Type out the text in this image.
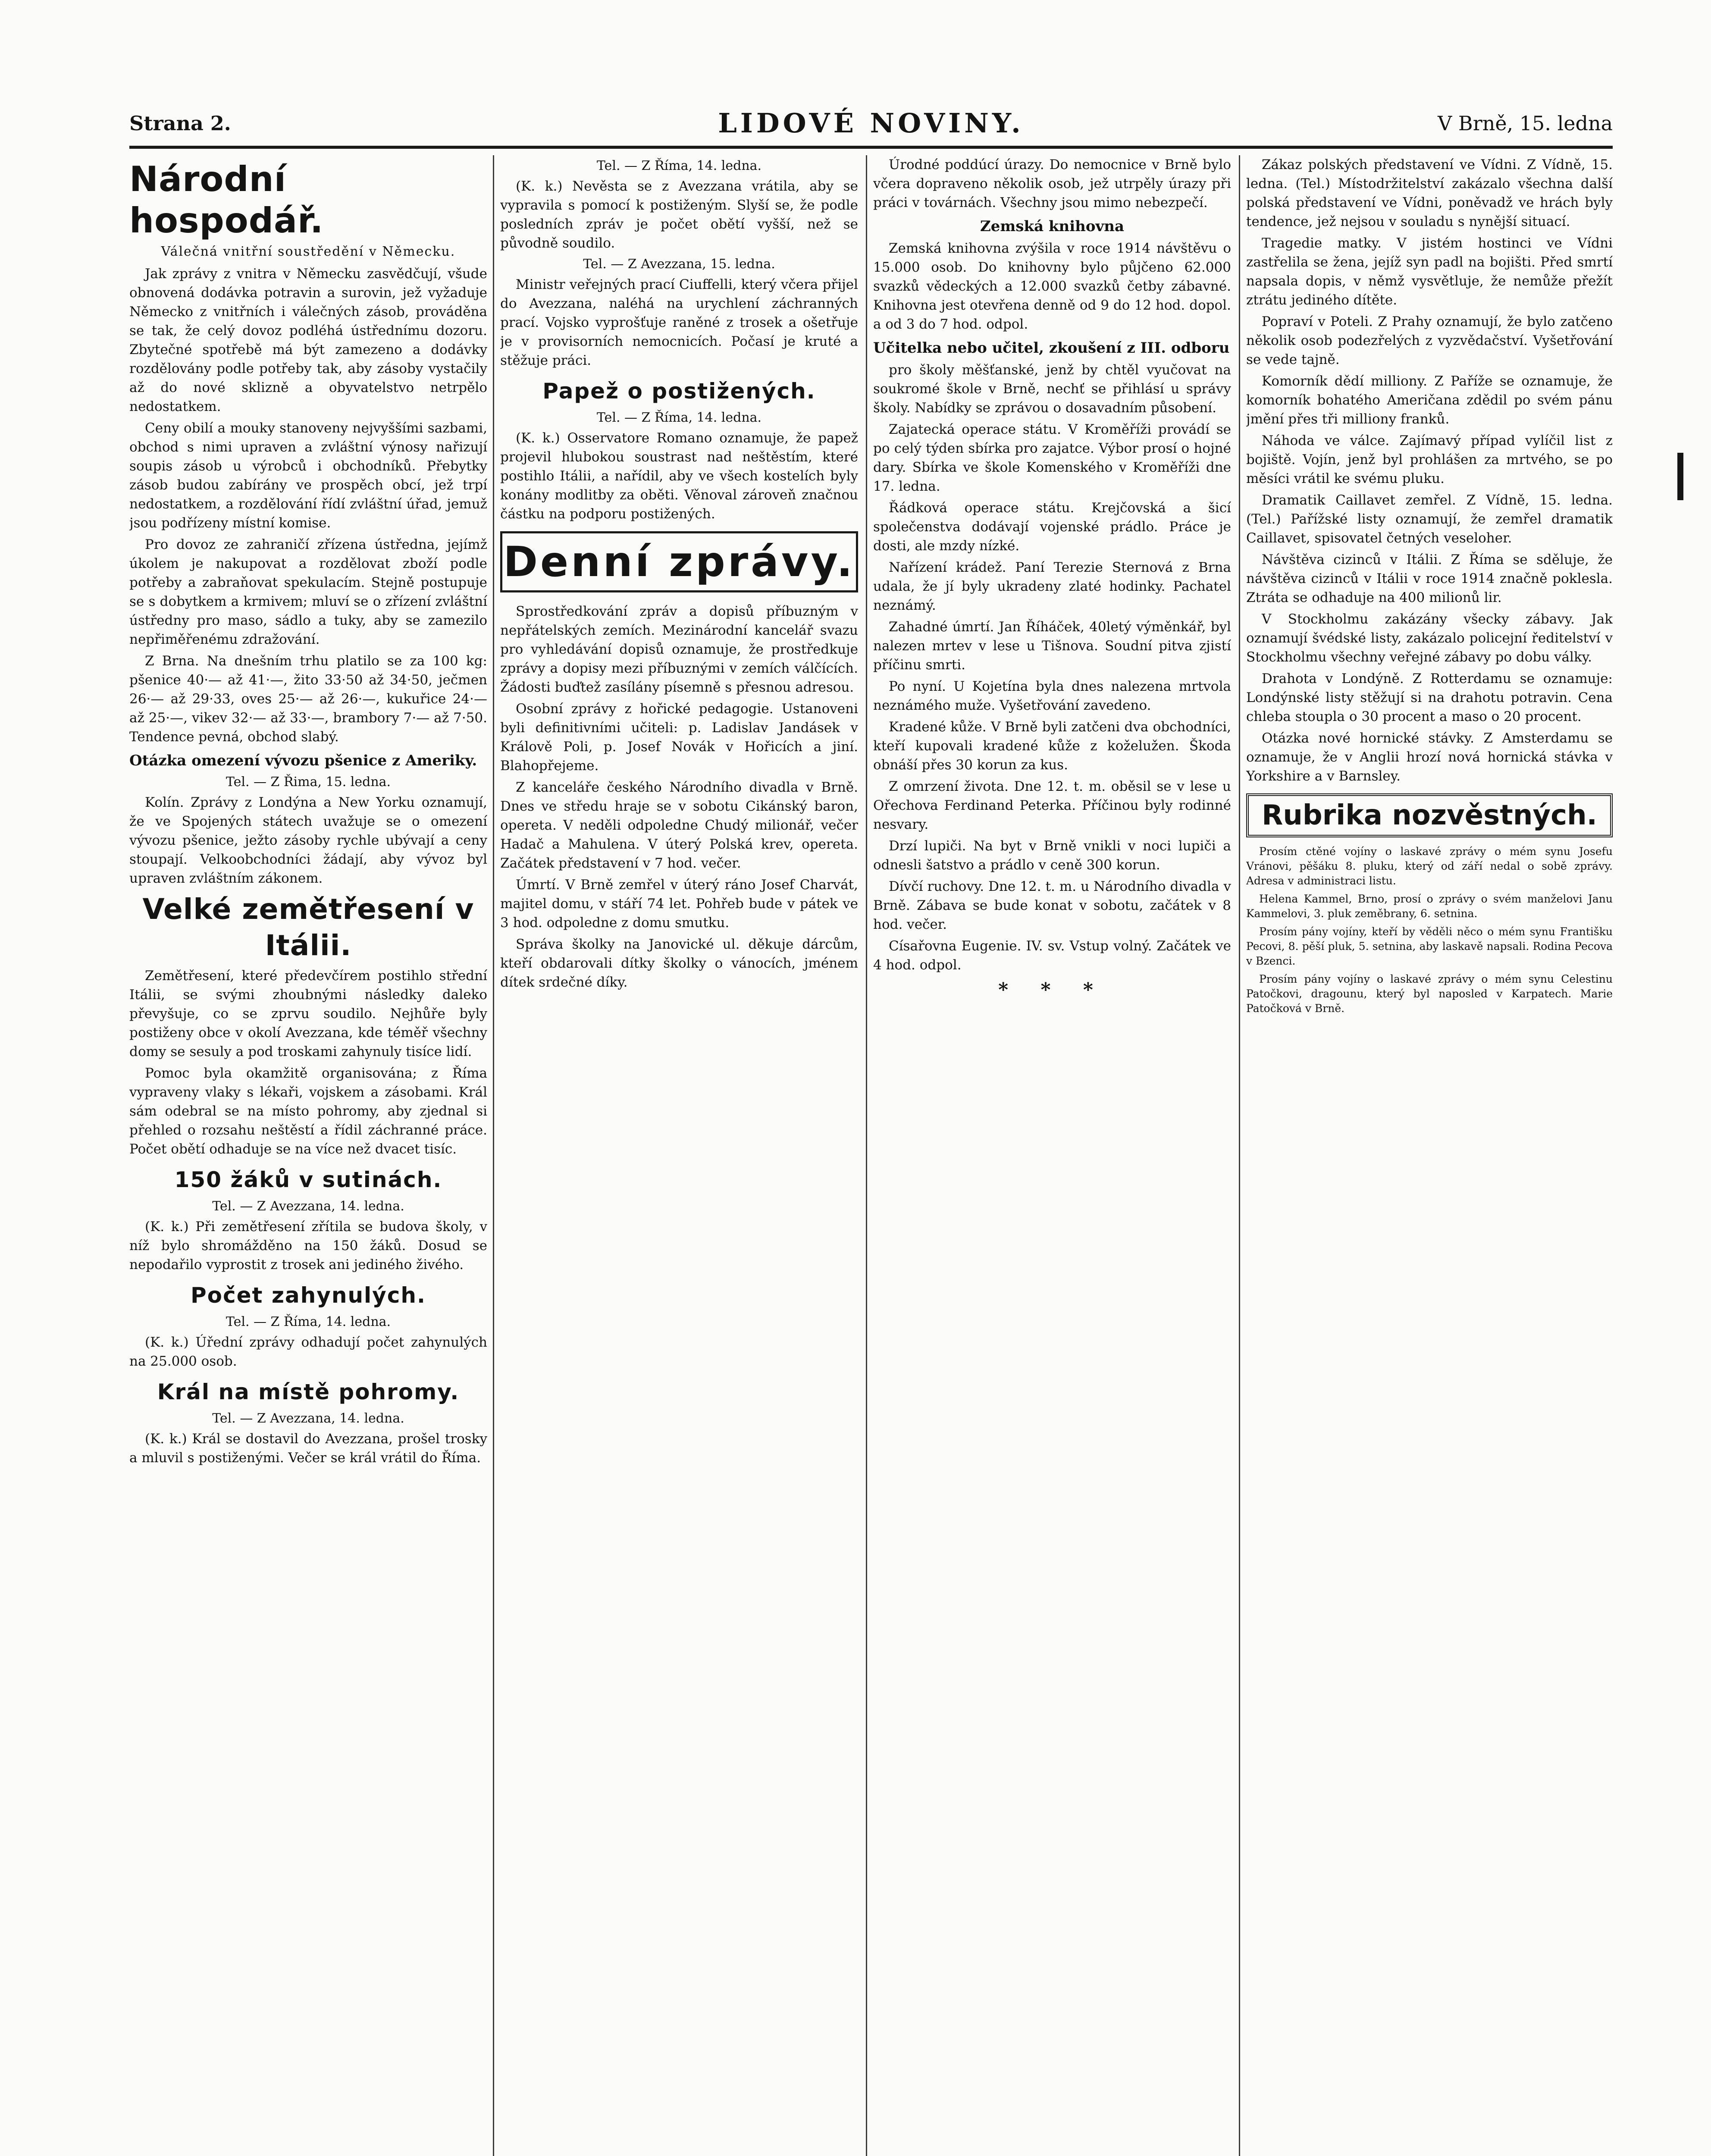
Strana 2.	LIDOVÉ NOVINY.	V Brně, 15. ledna
Národní hospodář.
Válečná vnitřní soustředění v Německu.

Jak zprávy z vnitra v Německu zasvědčují, všude obnovená dodávka potravin a surovin, jež vyžaduje Německo z vnitřních i válečných zásob, prováděna se tak, že celý dovoz podléhá ústřednímu dozoru. Zbytečné spotřebě má být zamezeno a dodávky rozdělovány podle potřeby tak, aby zásoby vystačily až do nové sklizně a obyvatelstvo netrpělo nedostatkem.

Ceny obilí a mouky stanoveny nejvyššími sazbami, obchod s nimi upraven a zvláštní výnosy nařizují soupis zásob u výrobců i obchodníků. Přebytky zásob budou zabírány ve prospěch obcí, jež trpí nedostatkem, a rozdělování řídí zvláštní úřad, jemuž jsou podřízeny místní komise.

Pro dovoz ze zahraničí zřízena ústředna, jejímž úkolem je nakupovat a rozdělovat zboží podle potřeby a zabraňovat spekulacím. Stejně postupuje se s dobytkem a krmivem; mluví se o zřízení zvláštní ústředny pro maso, sádlo a tuky, aby se zamezilo nepřiměřenému zdražování.

Z Brna. Na dnešním trhu platilo se za 100 kg: pšenice 40·— až 41·—, žito 33·50 až 34·50, ječmen 26·— až 29·33, oves 25·— až 26·—, kukuřice 24·— až 25·—, vikev 32·— až 33·—, brambory 7·— až 7·50. Tendence pevná, obchod slabý.

Otázka omezení vývozu pšenice z Ameriky.
Tel. — Z Řima, 15. ledna.

Kolín. Zprávy z Londýna a New Yorku oznamují, že ve Spojených státech uvažuje se o omezení vývozu pšenice, ježto zásoby rychle ubývají a ceny stoupají. Velkoobchodníci žádají, aby vývoz byl upraven zvláštním zákonem.

Velké zemětřesení v Itálii.

Zemětřesení, které předevčírem postihlo střední Itálii, se svými zhoubnými následky daleko převyšuje, co se zprvu soudilo. Nejhůře byly postiženy obce v okolí Avezzana, kde téměř všechny domy se sesuly a pod troskami zahynuly tisíce lidí.

Pomoc byla okamžitě organisována; z Říma vypraveny vlaky s lékaři, vojskem a zásobami. Král sám odebral se na místo pohromy, aby zjednal si přehled o rozsahu neštěstí a řídil záchranné práce. Počet obětí odhaduje se na více než dvacet tisíc.

150 žáků v sutinách.
Tel. — Z Avezzana, 14. ledna.

(K. k.) Při zemětřesení zřítila se budova školy, v níž bylo shromážděno na 150 žáků. Dosud se nepodařilo vyprostit z trosek ani jediného živého.

Počet zahynulých.
Tel. — Z Říma, 14. ledna.

(K. k.) Úřední zprávy odhadují počet zahynulých na 25.000 osob.

Král na místě pohromy.
Tel. — Z Avezzana, 14. ledna.

(K. k.) Král se dostavil do Avezzana, prošel trosky a mluvil s postiženými. Večer se král vrátil do Říma.

Tel. — Z Říma, 14. ledna.

(K. k.) Nevěsta se z Avezzana vrátila, aby se vypravila s pomocí k postiženým. Slyší se, že podle posledních zpráv je počet obětí vyšší, než se původně soudilo.

Tel. — Z Avezzana, 15. ledna.

Ministr veřejných prací Ciuffelli, který včera přijel do Avezzana, naléhá na urychlení záchranných prací. Vojsko vyprošťuje raněné z trosek a ošetřuje je v provisorních nemocnicích. Počasí je kruté a stěžuje práci.

Papež o postižených.
Tel. — Z Říma, 14. ledna.

(K. k.) Osservatore Romano oznamuje, že papež projevil hlubokou soustrast nad neštěstím, které postihlo Itálii, a nařídil, aby ve všech kostelích byly konány modlitby za oběti. Věnoval zároveň značnou částku na podporu postižených.

Denní zprávy.

Sprostředkování zpráv a dopisů příbuzným v nepřátelských zemích. Mezinárodní kancelář svazu pro vyhledávání dopisů oznamuje, že prostředkuje zprávy a dopisy mezi příbuznými v zemích válčících. Žádosti buďtež zasílány písemně s přesnou adresou.

Osobní zprávy z hořické pedagogie. Ustanoveni byli definitivními učiteli: p. Ladislav Jandásek v Králově Poli, p. Josef Novák v Hořicích a jiní. Blahopřejeme.

Z kanceláře českého Národního divadla v Brně. Dnes ve středu hraje se v sobotu Cikánský baron, opereta. V neděli odpoledne Chudý milionář, večer Hadač a Mahulena. V úterý Polská krev, opereta. Začátek představení v 7 hod. večer.

Úmrtí. V Brně zemřel v úterý ráno Josef Charvát, majitel domu, v stáří 74 let. Pohřeb bude v pátek ve 3 hod. odpoledne z domu smutku.

Správa školky na Janovické ul. děkuje dárcům, kteří obdarovali dítky školky o vánocích, jménem dítek srdečné díky.

Úrodné poddúcí úrazy. Do nemocnice v Brně bylo včera dopraveno několik osob, jež utrpěly úrazy při práci v továrnách. Všechny jsou mimo nebezpečí.

Zemská knihovna

Zemská knihovna zvýšila v roce 1914 návštěvu o 15.000 osob. Do knihovny bylo půjčeno 62.000 svazků vědeckých a 12.000 svazků četby zábavné. Knihovna jest otevřena denně od 9 do 12 hod. dopol. a od 3 do 7 hod. odpol.

Učitelka nebo učitel, zkoušení z III. odboru

pro školy měšťanské, jenž by chtěl vyučovat na soukromé škole v Brně, nechť se přihlásí u správy školy. Nabídky se zprávou o dosavadním působení.

Zajatecká operace státu. V Kroměříži provádí se po celý týden sbírka pro zajatce. Výbor prosí o hojné dary. Sbírka ve škole Komenského v Kroměříži dne 17. ledna.

Řádková operace státu. Krejčovská a šicí společenstva dodávají vojenské prádlo. Práce je dosti, ale mzdy nízké.

Nařízení krádež. Paní Terezie Sternová z Brna udala, že jí byly ukradeny zlaté hodinky. Pachatel neznámý.

Zahadné úmrtí. Jan Říháček, 40letý výměnkář, byl nalezen mrtev v lese u Tišnova. Soudní pitva zjistí příčinu smrti.

Po nyní. U Kojetína byla dnes nalezena mrtvola neznámého muže. Vyšetřování zavedeno.

Kradené kůže. V Brně byli zatčeni dva obchodníci, kteří kupovali kradené kůže z koželužen. Škoda obnáší přes 30 korun za kus.

Z omrzení života. Dne 12. t. m. oběsil se v lese u Ořechova Ferdinand Peterka. Příčinou byly rodinné nesvary.

Drzí lupiči. Na byt v Brně vnikli v noci lupiči a odnesli šatstvo a prádlo v ceně 300 korun.

Dívčí ruchovy. Dne 12. t. m. u Národního divadla v Brně. Zábava se bude konat v sobotu, začátek v 8 hod. večer.

Císařovna Eugenie. IV. sv. Vstup volný. Začátek ve 4 hod. odpol.

* * *

Zákaz polských představení ve Vídni. Z Vídně, 15. ledna. (Tel.) Místodržitelství zakázalo všechna další polská představení ve Vídni, poněvadž ve hrách byly tendence, jež nejsou v souladu s nynější situací.

Tragedie matky. V jistém hostinci ve Vídni zastřelila se žena, jejíž syn padl na bojišti. Před smrtí napsala dopis, v němž vysvětluje, že nemůže přežít ztrátu jediného dítěte.

Popraví v Poteli. Z Prahy oznamují, že bylo zatčeno několik osob podezřelých z vyzvědačství. Vyšetřování se vede tajně.

Komorník dědí milliony. Z Paříže se oznamuje, že komorník bohatého Američana zdědil po svém pánu jmění přes tři milliony franků.

Náhoda ve válce. Zajímavý případ vylíčil list z bojiště. Vojín, jenž byl prohlášen za mrtvého, se po měsíci vrátil ke svému pluku.

Dramatik Caillavet zemřel. Z Vídně, 15. ledna. (Tel.) Pařížské listy oznamují, že zemřel dramatik Caillavet, spisovatel četných veseloher.

Návštěva cizinců v Itálii. Z Říma se sděluje, že návštěva cizinců v Itálii v roce 1914 značně poklesla. Ztráta se odhaduje na 400 milionů lir.

V Stockholmu zakázány všecky zábavy. Jak oznamují švédské listy, zakázalo policejní ředitelství v Stockholmu všechny veřejné zábavy po dobu války.

Drahota v Londýně. Z Rotterdamu se oznamuje: Londýnské listy stěžují si na drahotu potravin. Cena chleba stoupla o 30 procent a maso o 20 procent.

Otázka nové hornické stávky. Z Amsterdamu se oznamuje, že v Anglii hrozí nová hornická stávka v Yorkshire a v Barnsley.

Rubrika nozvěstných.

Prosím ctěné vojíny o laskavé zprávy o mém synu Josefu Vránovi, pěšáku 8. pluku, který od září nedal o sobě zprávy. Adresa v administraci listu.

Helena Kammel, Brno, prosí o zprávy o svém manželovi Janu Kammelovi, 3. pluk zeměbrany, 6. setnina.

Prosím pány vojíny, kteří by věděli něco o mém synu Františku Pecovi, 8. pěší pluk, 5. setnina, aby laskavě napsali. Rodina Pecova v Bzenci.

Prosím pány vojíny o laskavé zprávy o mém synu Celestinu Patočkovi, dragounu, který byl naposled v Karpatech. Marie Patočková v Brně.
